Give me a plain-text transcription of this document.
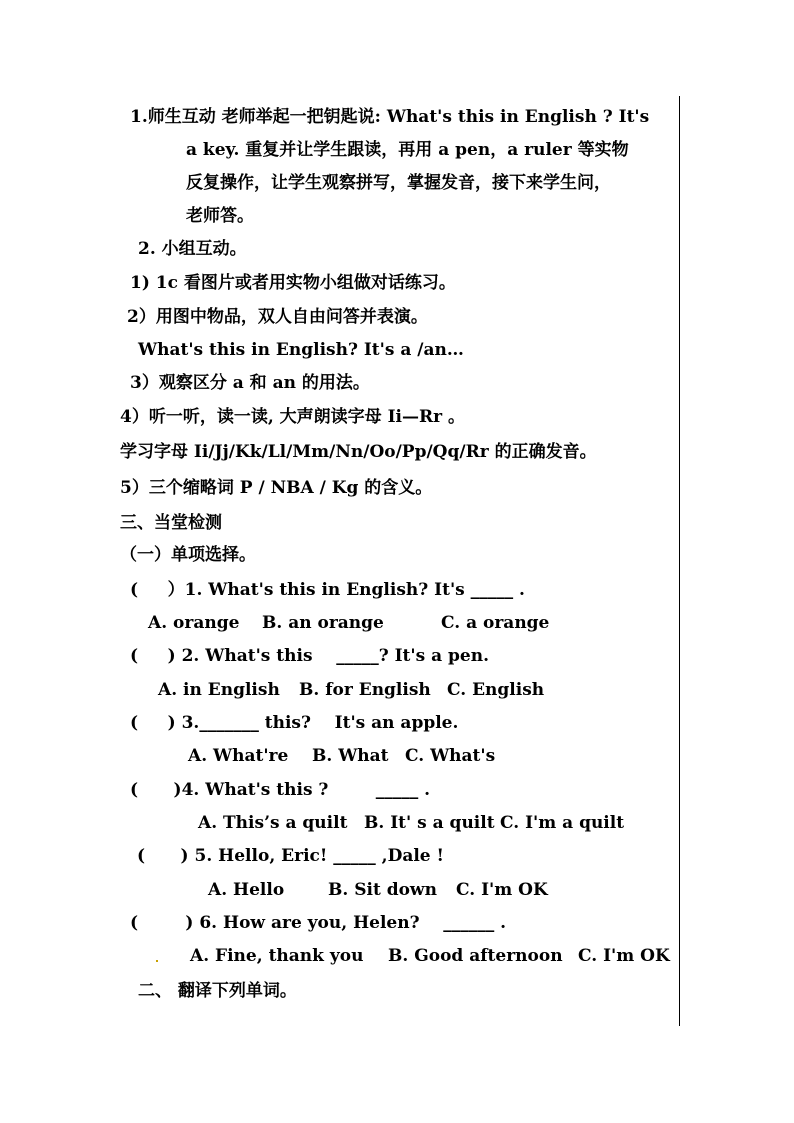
1.师生互动 老师举起一把钥匙说: What's this in English ? It's
a key. 重复并让学生跟读，再用 a pen，a ruler 等实物
反复操作，让学生观察拼写，掌握发音，接下来学生问，
老师答。
2. 小组互动。
1) 1c 看图片或者用实物小组做对话练习。
2）用图中物品，双人自由问答并表演。
What's this in English? It's a /an…
3）观察区分 a 和 an 的用法。
4）听一听，读一读, 大声朗读字母 Ii—Rr 。
学习字母 Ii/Jj/Kk/Ll/Mm/Nn/Oo/Pp/Qq/Rr 的正确发音。
5）三个缩略词 P / NBA / Kg 的含义。
三、当堂检测
（一）单项选择。
(     ）1. What's this in English? It's _____ .
A. orange B. an orange	C. a orange
(     ) 2. What's this    _____? It's a pen.
A. in English B. for English C. English
(     ) 3._______ this?    It's an apple.
A. What're B. What C. What's
(      )4. What's this ?        _____ .
A. This’s a quilt B. It' s a quilt C. I'm a quilt
(      ) 5. Hello, Eric! _____ ,Dale !
A. Hello	B. Sit down C. I'm OK
(        ) 6. How are you, Helen?    ______ .
A. Fine, thank you B. Good afternoon C. I'm OK
二、 翻译下列单词。
